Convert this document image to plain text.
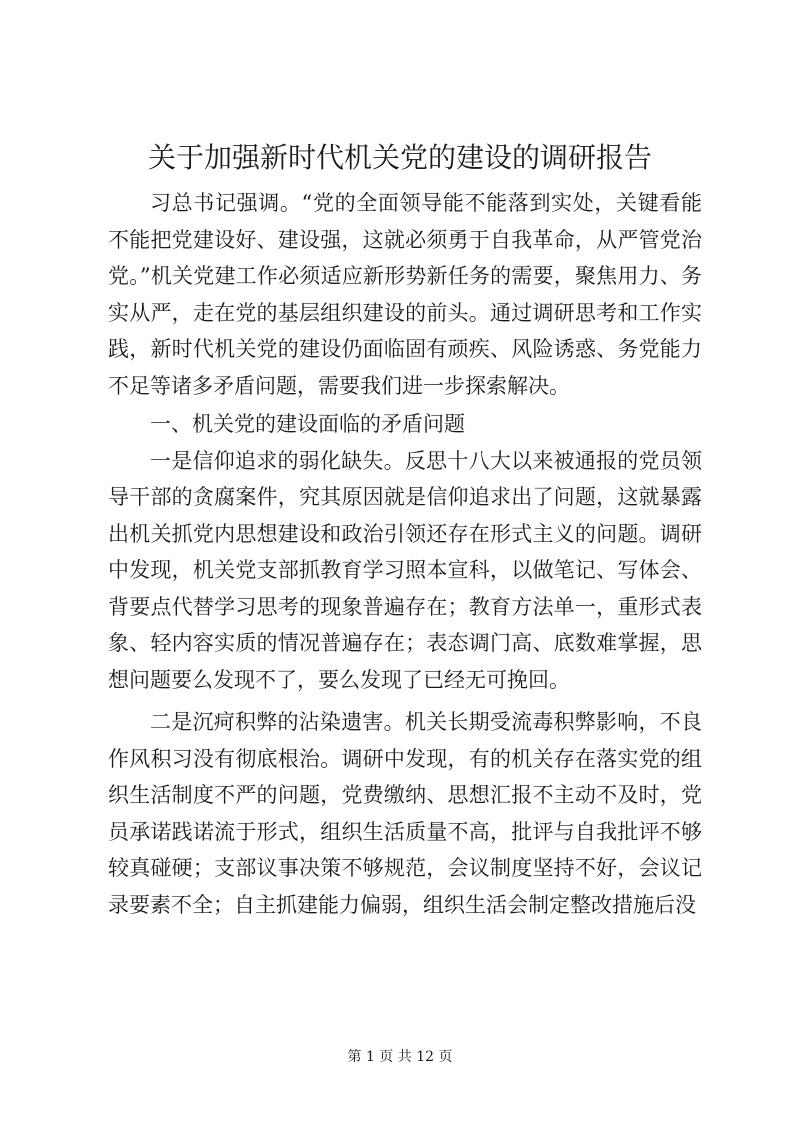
关于加强新时代机关党的建设的调研报告

习总书记强调。“党的全面领导能不能落到实处，关键看能不能把党建设好、建设强，这就必须勇于自我革命，从严管党治党。”机关党建工作必须适应新形势新任务的需要，聚焦用力、务实从严，走在党的基层组织建设的前头。通过调研思考和工作实践，新时代机关党的建设仍面临固有顽疾、风险诱惑、务党能力不足等诸多矛盾问题，需要我们进一步探索解决。

一、机关党的建设面临的矛盾问题

一是信仰追求的弱化缺失。反思十八大以来被通报的党员领导干部的贪腐案件，究其原因就是信仰追求出了问题，这就暴露出机关抓党内思想建设和政治引领还存在形式主义的问题。调研中发现，机关党支部抓教育学习照本宣科，以做笔记、写体会、背要点代替学习思考的现象普遍存在；教育方法单一，重形式表象、轻内容实质的情况普遍存在；表态调门高、底数难掌握，思想问题要么发现不了，要么发现了已经无可挽回。

二是沉疴积弊的沾染遗害。机关长期受流毒积弊影响，不良作风积习没有彻底根治。调研中发现，有的机关存在落实党的组织生活制度不严的问题，党费缴纳、思想汇报不主动不及时，党员承诺践诺流于形式，组织生活质量不高，批评与自我批评不够较真碰硬；支部议事决策不够规范，会议制度坚持不好，会议记录要素不全；自主抓建能力偏弱，组织生活会制定整改措施后没

第 1 页 共 12 页
